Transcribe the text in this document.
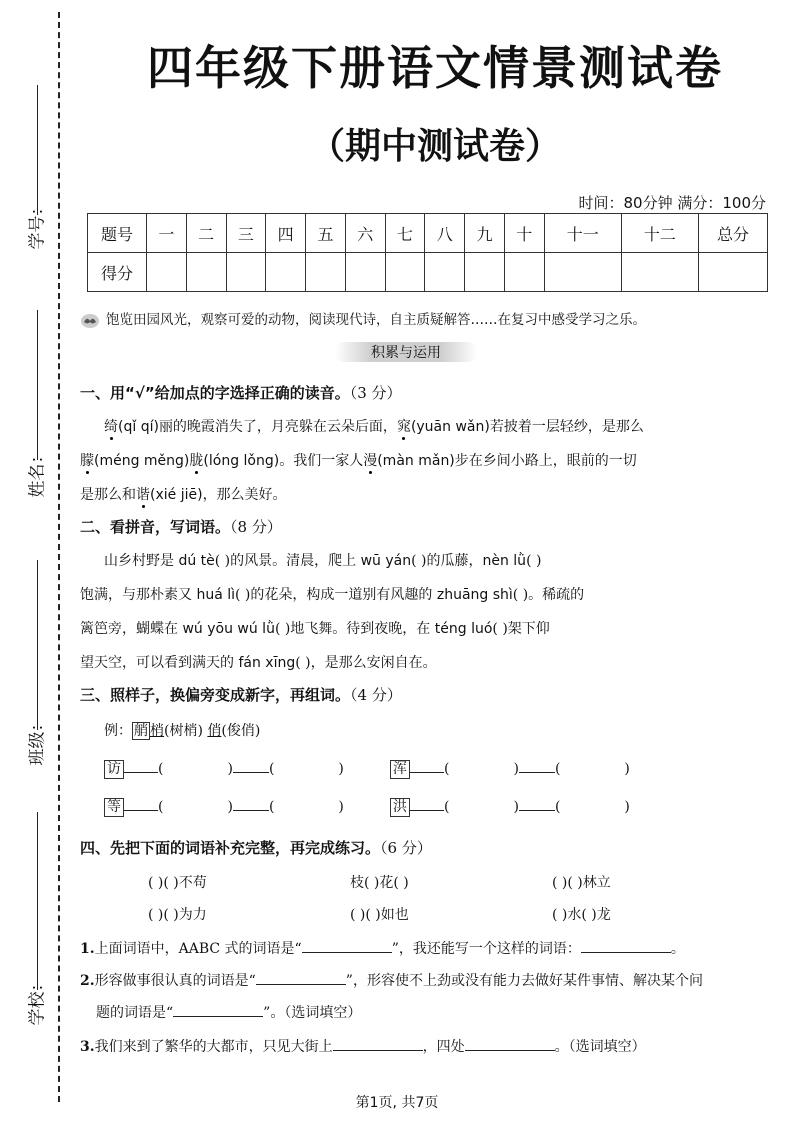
学号：
姓名：
班级：
学校：
四年级下册语文情景测试卷
（期中测试卷）
时间：80分钟 满分：100分
题号	一	二	三	四	五	六	七	八	九	十	十一	十二	总分
得分													
饱览田园风光，观察可爱的动物，阅读现代诗，自主质疑解答……在复习中感受学习之乐。
积累与运用
一、用“√”给加点的字选择正确的读音。（3 分）
绮(qǐ qí)丽的晚霞消失了，月亮躲在云朵后面，窕(yuān wǎn)若披着一层轻纱，是那么
朦(méng měng)胧(lóng lǒng)。我们一家人漫(màn mǎn)步在乡间小路上，眼前的一切
是那么和谐(xié jiē)，那么美好。
二、看拼音，写词语。（8 分）
山乡村野是 dú tè( )的风景。清晨，爬上 wū yán( )的瓜藤，nèn lǜ( )
饱满，与那朴素又 huá lì( )的花朵，构成一道别有风趣的 zhuāng shì( )。稀疏的
篱笆旁，蝴蝶在 wú yōu wú lǜ( )地飞舞。待到夜晚，在 téng luó( )架下仰
望天空，可以看到满天的 fán xīng( )，是那么安闲自在。
三、照样子，换偏旁变成新字，再组词。（4 分）
例： 艄 梢(树梢) 俏(俊俏)
访	(	)	(	)	浑	(	)	(	)
等	(	)	(	)	洪	(	)	(	)
四、先把下面的词语补充完整，再完成练习。（6 分）
( )( )不苟	枝( )花( )	( )( )林立
( )( )为力	( )( )如也	( )水( )龙
1.上面词语中，AABC 式的词语是“	”，我还能写一个这样的词语：	。
2.形容做事很认真的词语是“	”，形容使不上劲或没有能力去做好某件事情、解决某个问
题的词语是“	”。（选词填空）
3.我们来到了繁华的大都市，只见大街上	，四处	。（选词填空）
第1页, 共7页
